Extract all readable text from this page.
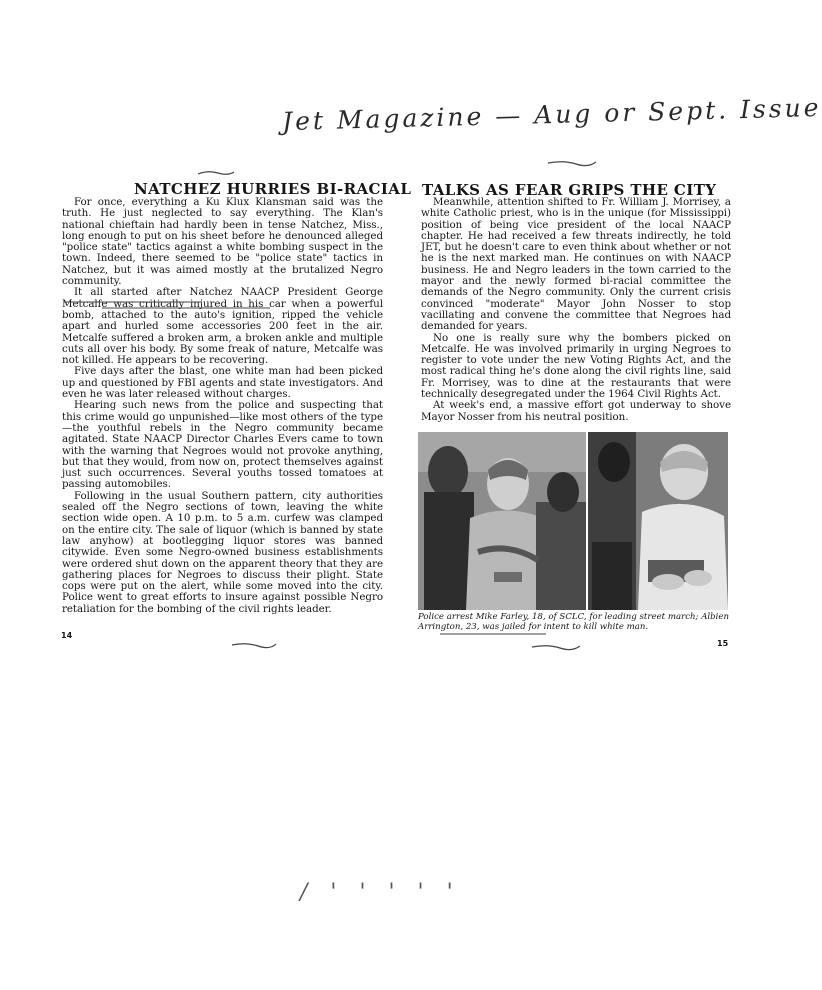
Jet Magazine — Aug or Sept. Issue
NATCHEZ HURRIES BI-RACIAL TALKS AS FEAR GRIPS THE CITY

For once, everything a Ku Klux Klansman said was the truth. He just neglected to say everything. The Klan's national chieftain had hardly been in tense Natchez, Miss., long enough to put on his sheet before he denounced alleged "police state" tactics against a white bombing suspect in the town. Indeed, there seemed to be "police state" tactics in Natchez, but it was aimed mostly at the brutalized Negro community.

It all started after Natchez NAACP President George Metcalfe was critically injured in his car when a powerful bomb, attached to the auto's ignition, ripped the vehicle apart and hurled some accessories 200 feet in the air. Metcalfe suffered a broken arm, a broken ankle and multiple cuts all over his body. By some freak of nature, Metcalfe was not killed. He appears to be recovering.

Five days after the blast, one white man had been picked up and questioned by FBI agents and state investigators. And even he was later released without charges.

Hearing such news from the police and suspecting that this crime would go unpunished—like most others of the type—the youthful rebels in the Negro community became agitated. State NAACP Director Charles Evers came to town with the warning that Negroes would not provoke anything, but that they would, from now on, protect themselves against just such occurrences. Several youths tossed tomatoes at passing automobiles.

Following in the usual Southern pattern, city authorities sealed off the Negro sections of town, leaving the white section wide open. A 10 p.m. to 5 a.m. curfew was clamped on the entire city. The sale of liquor (which is banned by state law anyhow) at bootlegging liquor stores was banned citywide. Even some Negro-owned business establishments were ordered shut down on the apparent theory that they are gathering places for Negroes to discuss their plight. State cops were put on the alert, while some moved into the city. Police went to great efforts to insure against possible Negro retaliation for the bombing of the civil rights leader.

Meanwhile, attention shifted to Fr. William J. Morrisey, a white Catholic priest, who is in the unique (for Mississippi) position of being vice president of the local NAACP chapter. He had received a few threats indirectly, he told JET, but he doesn't care to even think about whether or not he is the next marked man. He continues on with NAACP business. He and Negro leaders in the town carried to the mayor and the newly formed bi-racial committee the demands of the Negro community. Only the current crisis convinced "moderate" Mayor John Nosser to stop vacillating and convene the committee that Negroes had demanded for years.

No one is really sure why the bombers picked on Metcalfe. He was involved primarily in urging Negroes to register to vote under the new Voting Rights Act, and the most radical thing he's done along the civil rights line, said Fr. Morrisey, was to dine at the restaurants that were technically desegregated under the 1964 Civil Rights Act.

At week's end, a massive effort got underway to shove Mayor Nosser from his neutral position.

Police arrest Mike Farley, 18, of SCLC, for leading street march; Albien Arrington, 23, was jailed for intent to kill white man.
14
15
/ ' ' ' ' '
